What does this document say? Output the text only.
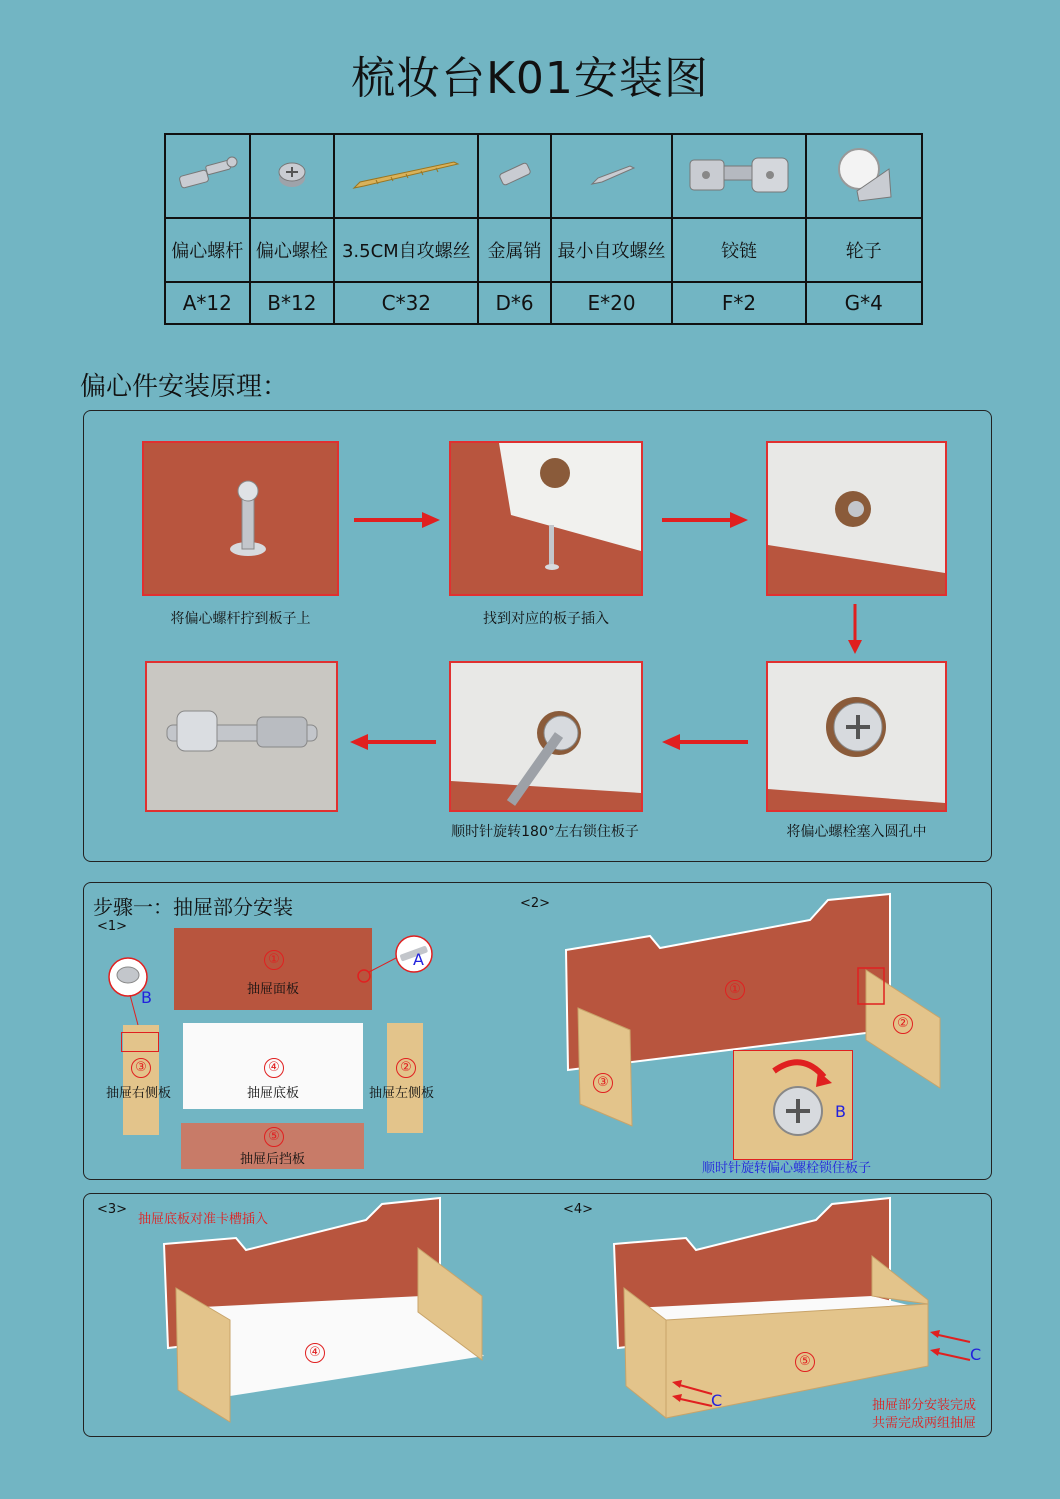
梳妆台K01安装图

偏心螺杆	偏心螺栓	3.5CM自攻螺丝	金属销	最小自攻螺丝	铰链	轮子
A*12	B*12	C*32	D*6	E*20	F*2	G*4
偏心件安装原理：
将偏心螺杆拧到板子上	找到对应的板子插入
顺时针旋转180°左右锁住板子	将偏心螺栓塞入圆孔中
步骤一：抽屉部分安装
<1>
<2>
①
抽屉面板
A
B
③
抽屉右侧板
④
抽屉底板
②
抽屉左侧板
⑤
抽屉后挡板
①
③
②
B
顺时针旋转偏心螺栓锁住板子
<3>
抽屉底板对准卡槽插入
<4>
④
⑤	C
C	抽屉部分安装完成
共需完成两组抽屉
